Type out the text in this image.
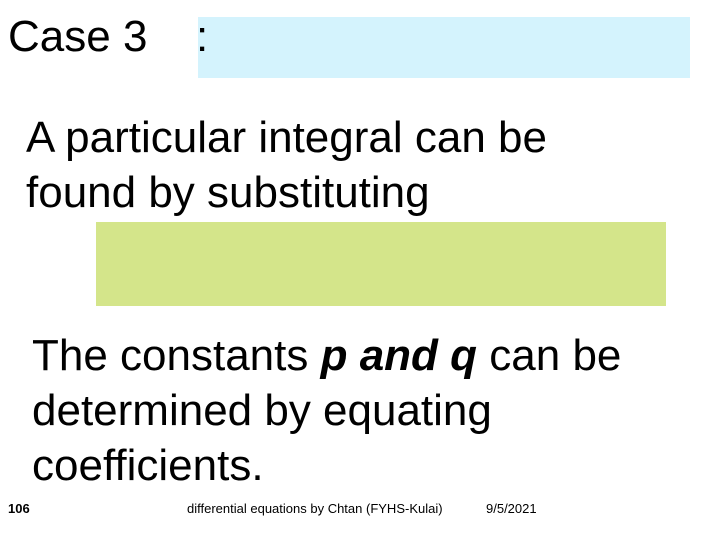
Case 3 :

A particular integral can be found by substituting

The constants p and q can be determined by equating coefficients.

106	differential equations by Chtan (FYHS-Kulai)	9/5/2021
